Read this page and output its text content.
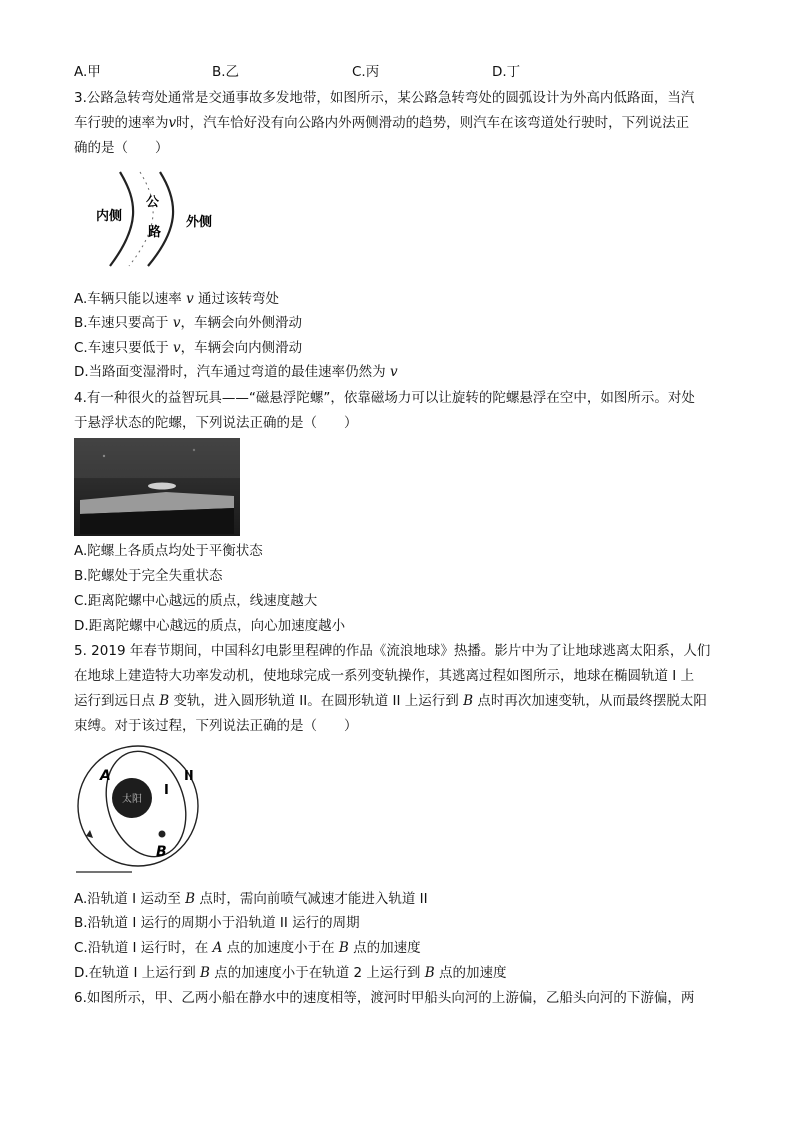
A.甲	B.乙	C.丙	D.丁
3.公路急转弯处通常是交通事故多发地带，如图所示，某公路急转弯处的圆弧设计为外高内低路面，当汽
车行驶的速率为v时，汽车恰好没有向公路内外两侧滑动的趋势，则汽车在该弯道处行驶时，下列说法正
确的是（　　）
内侧
公
路
外侧
A.车辆只能以速率 v 通过该转弯处
B.车速只要高于 v，车辆会向外侧滑动
C.车速只要低于 v，车辆会向内侧滑动
D.当路面变湿滑时，汽车通过弯道的最佳速率仍然为 v
4.有一种很火的益智玩具——“磁悬浮陀螺”，依靠磁场力可以让旋转的陀螺悬浮在空中，如图所示。对处
于悬浮状态的陀螺，下列说法正确的是（　　）
A.陀螺上各质点均处于平衡状态
B.陀螺处于完全失重状态
C.距离陀螺中心越远的质点，线速度越大
D.距离陀螺中心越远的质点，向心加速度越小
5. 2019 年春节期间，中国科幻电影里程碑的作品《流浪地球》热播。影片中为了让地球逃离太阳系，人们
在地球上建造特大功率发动机，使地球完成一系列变轨操作，其逃离过程如图所示，地球在椭圆轨道 I 上
运行到远日点 B 变轨，进入圆形轨道 II。在圆形轨道 II 上运行到 B 点时再次加速变轨，从而最终摆脱太阳
束缚。对于该过程，下列说法正确的是（　　）
太阳
A
B
I
II
A.沿轨道 I 运动至 B 点时，需向前喷气减速才能进入轨道 II
B.沿轨道 I 运行的周期小于沿轨道 II 运行的周期
C.沿轨道 I 运行时，在 A 点的加速度小于在 B 点的加速度
D.在轨道 I 上运行到 B 点的加速度小于在轨道 2 上运行到 B 点的加速度
6.如图所示，甲、乙两小船在静水中的速度相等，渡河时甲船头向河的上游偏，乙船头向河的下游偏，两
